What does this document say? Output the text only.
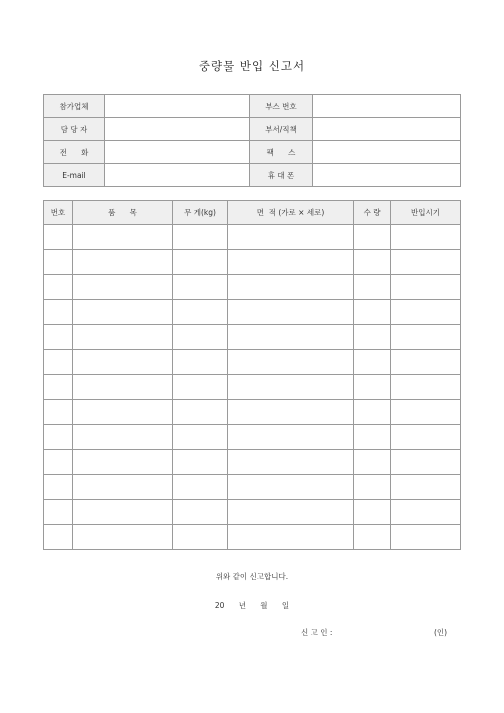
중량물 반입 신고서
참가업체		부스 번호	
담 당 자		부서/직책	
전      화		팩      스	
E-mail		휴 대 폰	
번호	품      목	무 게(kg)	면  적 (가로 × 세로)	수 량	반입시기

위와 같이 신고합니다.
20      년      월      일
신 고 인 :	(인)
